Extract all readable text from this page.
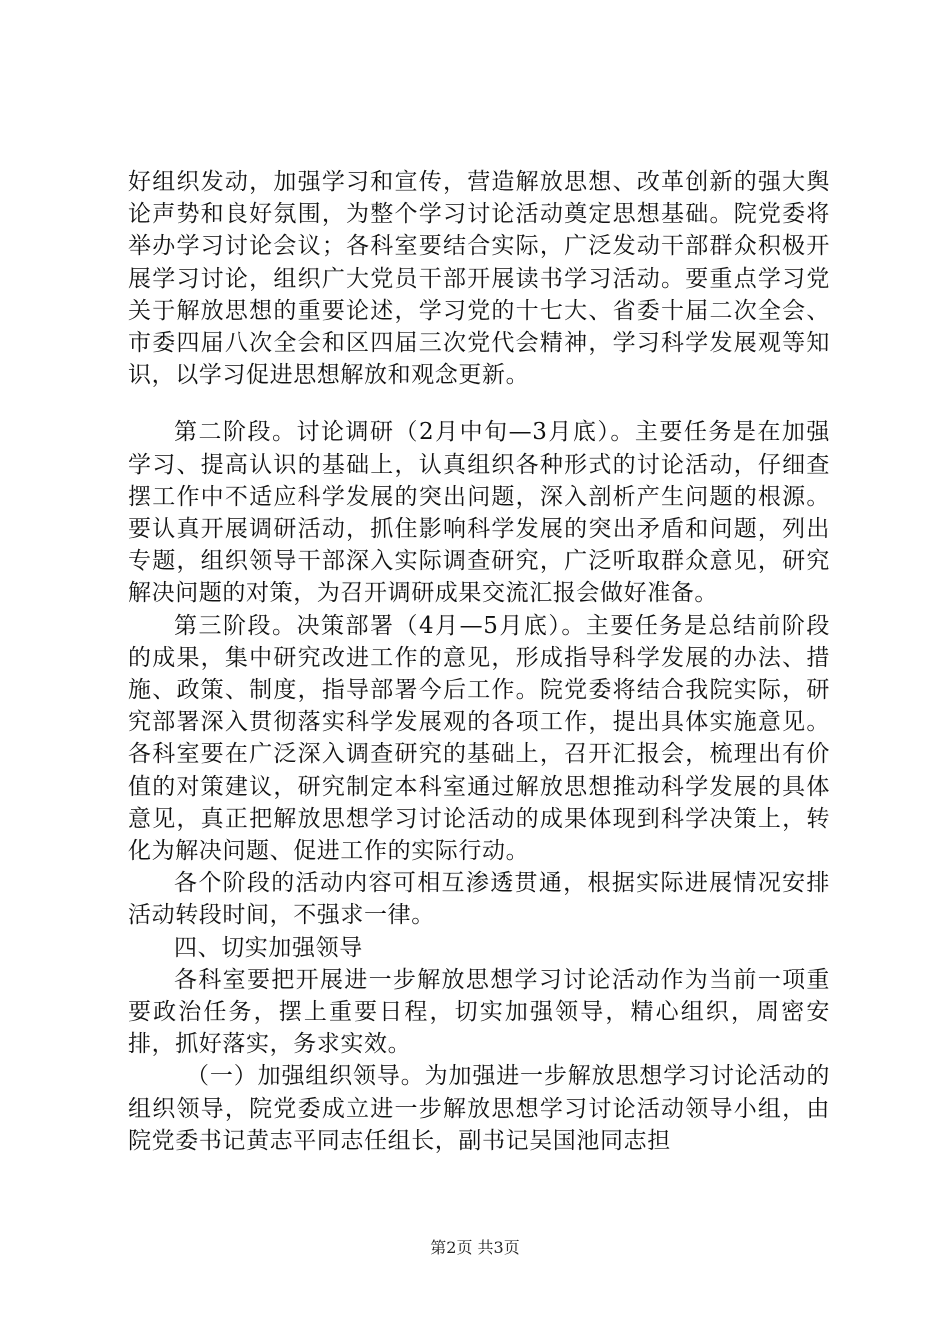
好组织发动，加强学习和宣传，营造解放思想、改革创新的强大舆论声势和良好氛围，为整个学习讨论活动奠定思想基础。院党委将举办学习讨论会议；各科室要结合实际，广泛发动干部群众积极开展学习讨论，组织广大党员干部开展读书学习活动。要重点学习党关于解放思想的重要论述，学习党的十七大、省委十届二次全会、市委四届八次全会和区四届三次党代会精神，学习科学发展观等知识，以学习促进思想解放和观念更新。

第二阶段。讨论调研（2月中旬—3月底）。主要任务是在加强学习、提高认识的基础上，认真组织各种形式的讨论活动，仔细查摆工作中不适应科学发展的突出问题，深入剖析产生问题的根源。要认真开展调研活动，抓住影响科学发展的突出矛盾和问题，列出专题，组织领导干部深入实际调查研究，广泛听取群众意见，研究解决问题的对策，为召开调研成果交流汇报会做好准备。

第三阶段。决策部署（4月—5月底）。主要任务是总结前阶段的成果，集中研究改进工作的意见，形成指导科学发展的办法、措施、政策、制度，指导部署今后工作。院党委将结合我院实际，研究部署深入贯彻落实科学发展观的各项工作，提出具体实施意见。各科室要在广泛深入调查研究的基础上，召开汇报会，梳理出有价值的对策建议，研究制定本科室通过解放思想推动科学发展的具体意见，真正把解放思想学习讨论活动的成果体现到科学决策上，转化为解决问题、促进工作的实际行动。

各个阶段的活动内容可相互渗透贯通，根据实际进展情况安排活动转段时间，不强求一律。

四、切实加强领导

各科室要把开展进一步解放思想学习讨论活动作为当前一项重要政治任务，摆上重要日程，切实加强领导，精心组织，周密安排，抓好落实，务求实效。

（一）加强组织领导。为加强进一步解放思想学习讨论活动的组织领导，院党委成立进一步解放思想学习讨论活动领导小组，由院党委书记黄志平同志任组长，副书记吴国池同志担

第2页 共3页
